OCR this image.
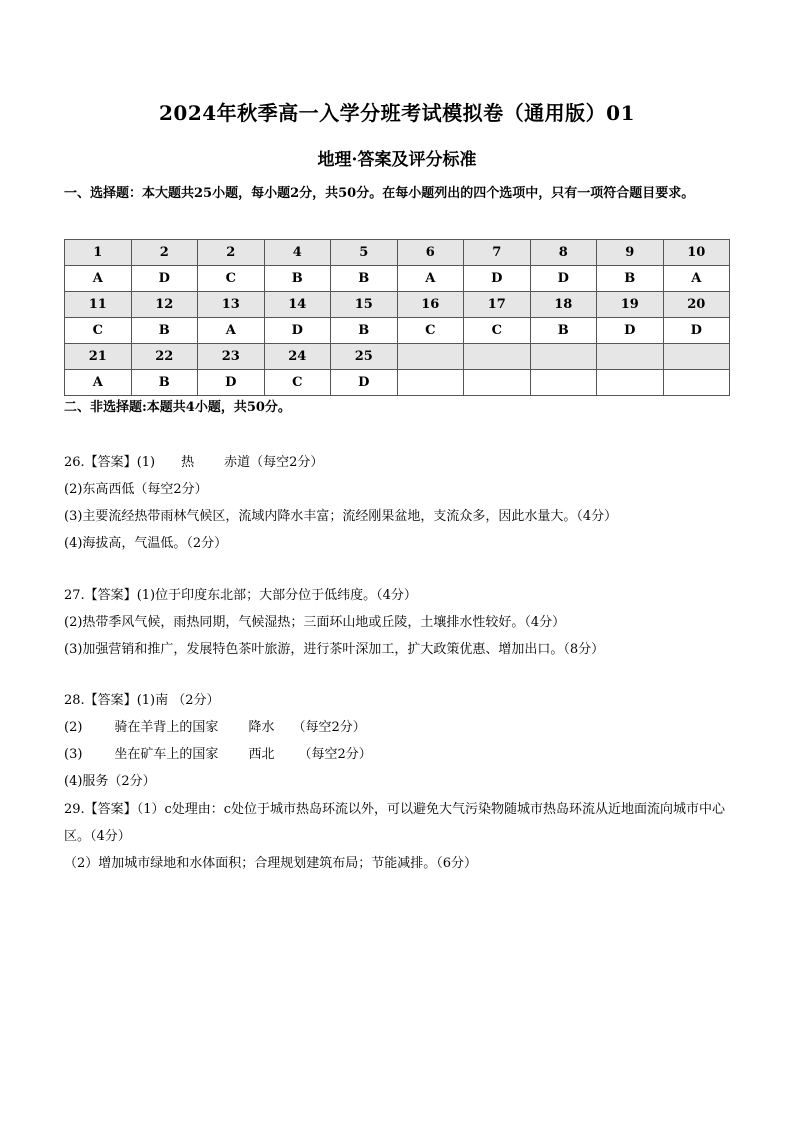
2024年秋季高一入学分班考试模拟卷（通用版）01
地理·答案及评分标准
一、选择题：本大题共25小题，每小题2分，共50分。在每小题列出的四个选项中，只有一项符合题目要求。
1	2	2	4	5	6	7	8	9	10
A	D	C	B	B	A	D	D	B	A
11	12	13	14	15	16	17	18	19	20
C	B	A	D	B	C	C	B	D	D
21	22	23	24	25					
A	B	D	C	D					
二、非选择题:本题共4小题，共50分。
26.【答案】(1) 热 赤道（每空2分）
(2)东高西低（每空2分）
(3)主要流经热带雨林气候区，流域内降水丰富；流经刚果盆地，支流众多，因此水量大。（4分）
(4)海拔高，气温低。（2分）
27.【答案】(1)位于印度东北部；大部分位于低纬度。（4分）
(2)热带季风气候，雨热同期，气候湿热；三面环山地或丘陵，土壤排水性较好。（4分）
(3)加强营销和推广，发展特色茶叶旅游，进行茶叶深加工，扩大政策优惠、增加出口。（8分）
28.【答案】(1)南 （2分）
(2) 骑在羊背上的国家 降水 （每空2分）
(3) 坐在矿车上的国家 西北 （每空2分）
(4)服务（2分）
29.【答案】（1）c处理由：c处位于城市热岛环流以外，可以避免大气污染物随城市热岛环流从近地面流向城市中心区。（4分）
（2）增加城市绿地和水体面积；合理规划建筑布局；节能减排。（6分）
